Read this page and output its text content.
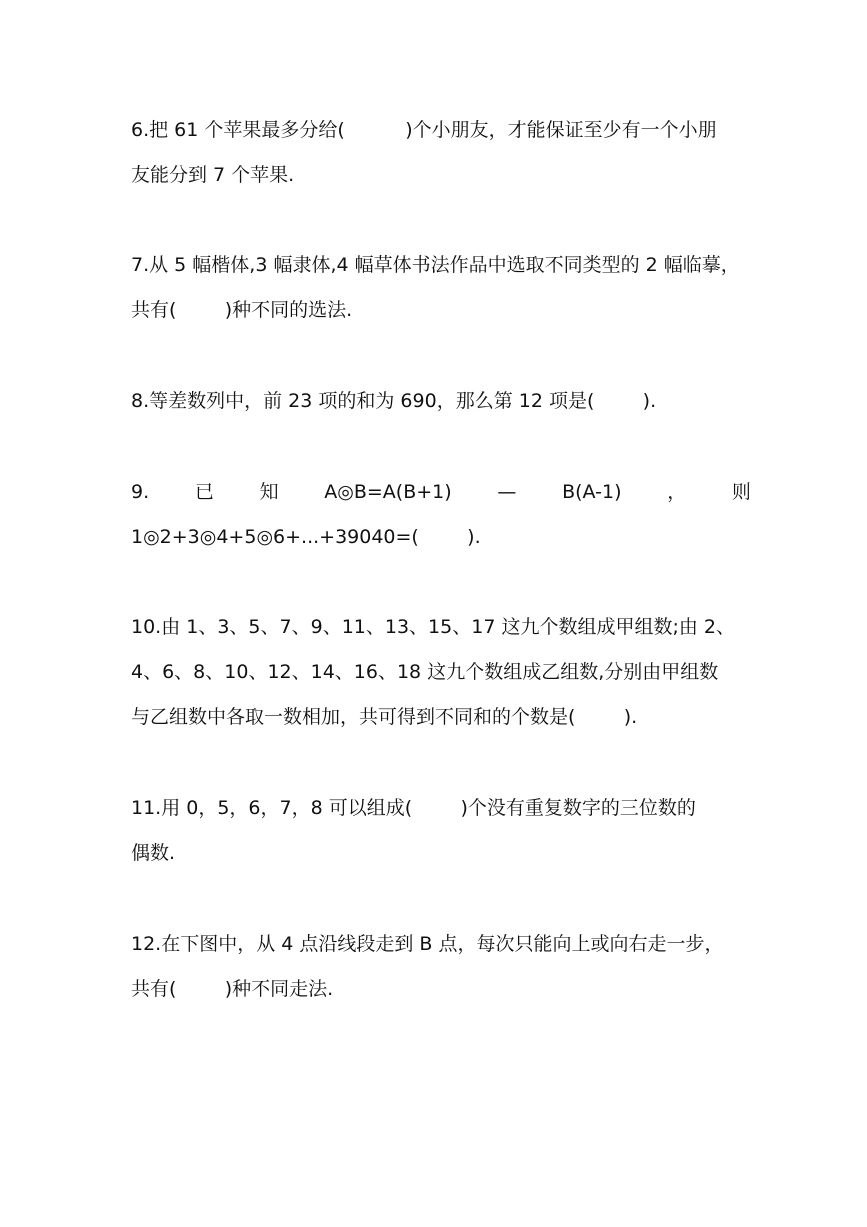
6.把 61 个苹果最多分给(          )个小朋友，才能保证至少有一个小朋
友能分到 7 个苹果.
7.从 5 幅楷体,3 幅隶体,4 幅草体书法作品中选取不同类型的 2 幅临摹，
共有(        )种不同的选法.
8.等差数列中，前 23 项的和为 690，那么第 12 项是(        ).
9. 已 知 A◎B=A(B+1) — B(A-1) ， 则
1◎2+3◎4+5◎6+...+39040=(        ).
10.由 1、3、5、7、9、11、13、15、17 这九个数组成甲组数;由 2、
4、6、8、10、12、14、16、18 这九个数组成乙组数,分别由甲组数
与乙组数中各取一数相加，共可得到不同和的个数是(        ).
11.用 0，5，6，7，8 可以组成(        )个没有重复数字的三位数的
偶数.
12.在下图中，从 4 点沿线段走到 B 点，每次只能向上或向右走一步，
共有(        )种不同走法.
